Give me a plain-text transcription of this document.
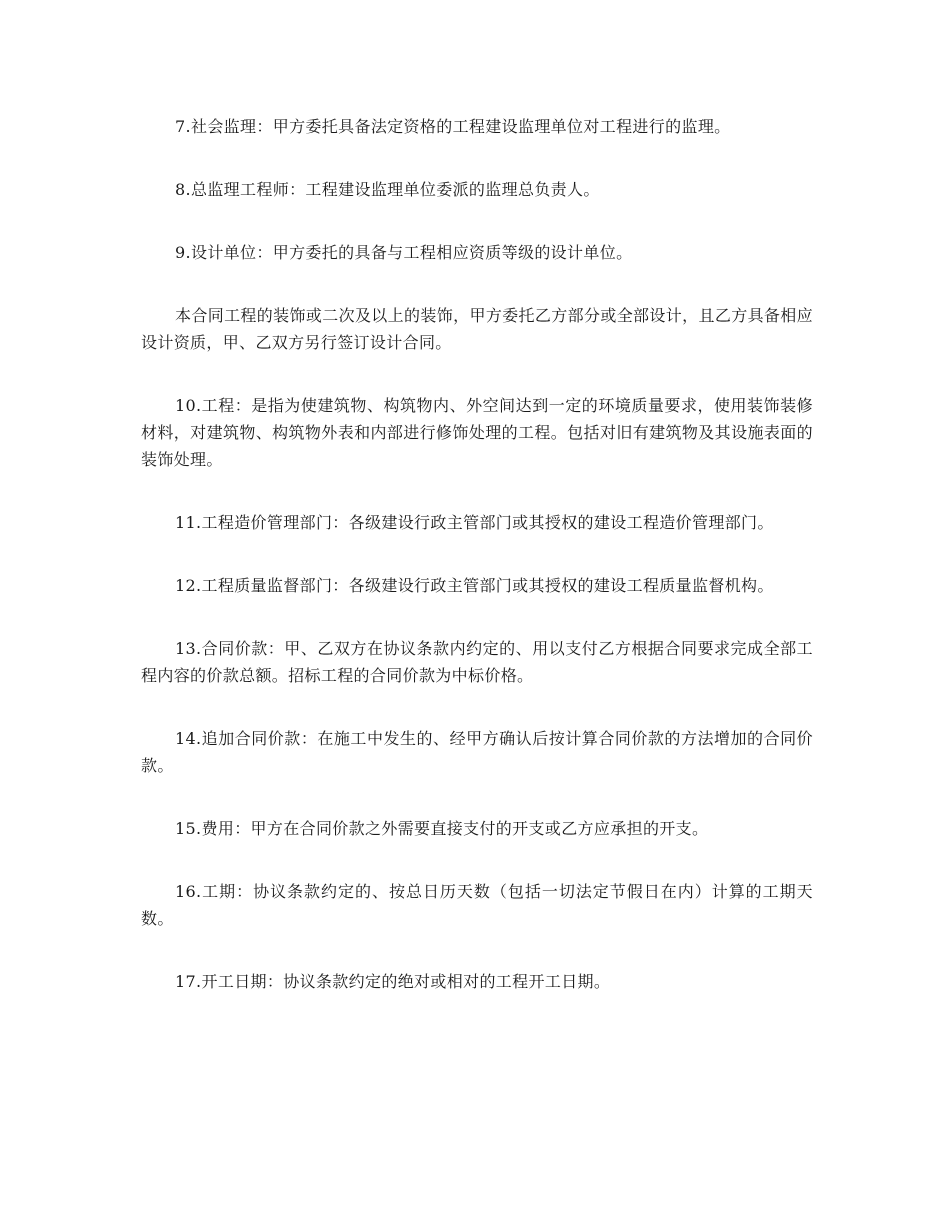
7.社会监理：甲方委托具备法定资格的工程建设监理单位对工程进行的监理。

8.总监理工程师：工程建设监理单位委派的监理总负责人。

9.设计单位：甲方委托的具备与工程相应资质等级的设计单位。

本合同工程的装饰或二次及以上的装饰，甲方委托乙方部分或全部设计，且乙方具备相应设计资质，甲、乙双方另行签订设计合同。

10.工程：是指为使建筑物、构筑物内、外空间达到一定的环境质量要求，使用装饰装修材料，对建筑物、构筑物外表和内部进行修饰处理的工程。包括对旧有建筑物及其设施表面的装饰处理。

11.工程造价管理部门：各级建设行政主管部门或其授权的建设工程造价管理部门。

12.工程质量监督部门：各级建设行政主管部门或其授权的建设工程质量监督机构。

13.合同价款：甲、乙双方在协议条款内约定的、用以支付乙方根据合同要求完成全部工程内容的价款总额。招标工程的合同价款为中标价格。

14.追加合同价款：在施工中发生的、经甲方确认后按计算合同价款的方法增加的合同价款。

15.费用：甲方在合同价款之外需要直接支付的开支或乙方应承担的开支。

16.工期：协议条款约定的、按总日历天数（包括一切法定节假日在内）计算的工期天数。

17.开工日期：协议条款约定的绝对或相对的工程开工日期。
